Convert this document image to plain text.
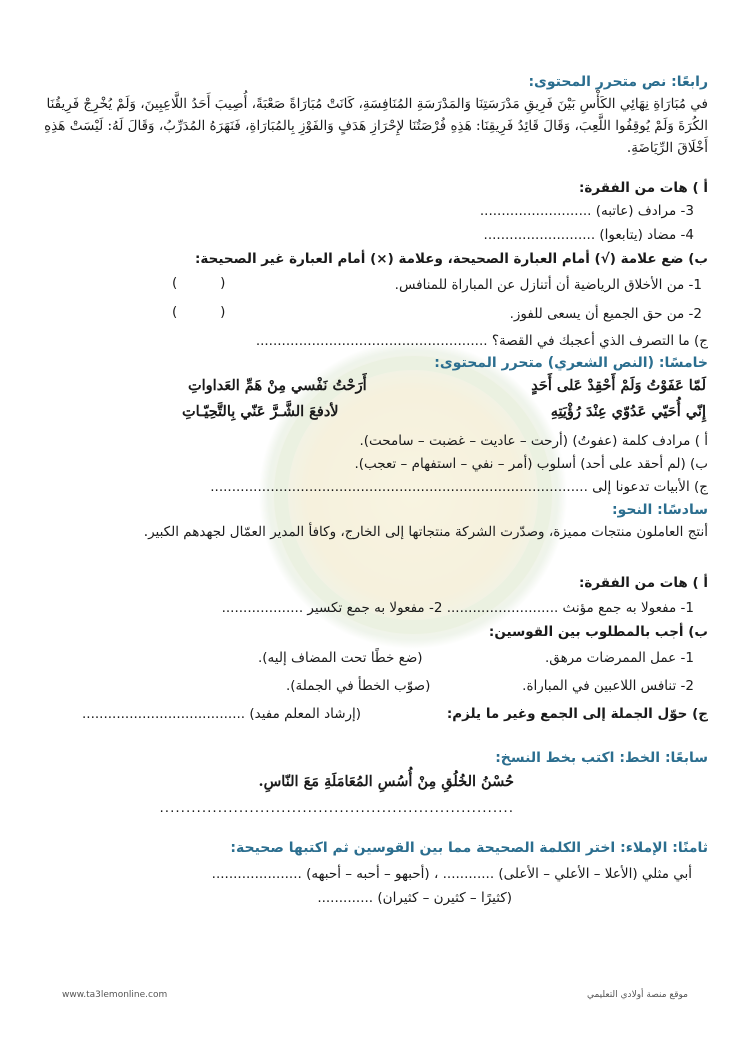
رابعًا: نص متحرر المحتوى:
في مُبَارَاةِ نِهَائِي الكَأْسِ بَيْنَ فَرِيقِ مَدْرَسَتِنَا وَالمَدْرَسَةِ المُنَافِسَةِ، كَانَتْ مُبَارَاةً صَعْبَةً، أُصِيبَ أَحَدُ اللَّاعِبِينَ، وَلَمْ يُخْرِجْ فَرِيقُنَا الكُرَةَ وَلَمْ يُوقِفُوا اللَّعِبَ، وَقَالَ قَائِدُ فَرِيقِنَا: هَذِهِ فُرْصَتُنَا لإِحْرَازِ هَدَفٍ وَالفَوْزِ بِالمُبَارَاةِ، فَنَهَرَهُ المُدَرِّبُ، وَقَالَ لَهُ: لَيْسَتْ هَذِهِ أَخْلَاقَ الرِّيَاضَةِ.
أ ) هات من الفقرة:
3- مرادف (عاتبه) ..........................
4- مضاد (يتابعوا) ..........................
ب) ضع علامة (√) أمام العبارة الصحيحة، وعلامة (×) أمام العبارة غير الصحيحة:
1- من الأخلاق الرياضية أن أتنازل عن المباراة للمنافس.
(          )
2- من حق الجميع أن يسعى للفوز.
(          )
ج) ما التصرف الذي أعجبك في القصة؟ ......................................................
خامسًا: (النص الشعري) متحرر المحتوى:
لَمّا عَفَوْتُ وَلَمْ أَحْقِدْ عَلى أَحَدٍ
أَرَحْتُ نَفْسي مِنْ هَمِّ العَداواتِ
إِنّي أُحَيّي عَدُوّي عِنْدَ رُؤْيَتِهِ
لأدفعَ الشَّـرَّ عَنّي بِالتَّحِيّـاتِ
أ ) مرادف كلمة (عفوتُ) (أرحت – عاديت – غضبت – سامحت).
ب) (لم أحقد على أحد) أسلوب (أمر – نفي – استفهام – تعجب).
ج) الأبيات تدعونا إلى ........................................................................................
سادسًا: النحو:
أنتج العاملون منتجات مميزة، وصدّرت الشركة منتجاتها إلى الخارج، وكافأ المدير العمّال لجهدهم الكبير.
أ ) هات من الفقرة:
1- مفعولا به جمع مؤنث .......................... 2- مفعولا به جمع تكسير ...................
ب) أجب بالمطلوب بين القوسين:
1- عمل الممرضات مرهق.
(ضع خطًا تحت المضاف إليه).
2- تنافس اللاعبين في المباراة.
(صوّب الخطأ في الجملة).
ج) حوّل الجملة إلى الجمع وغير ما يلزم:
(إرشاد المعلم مفيد) ......................................
سابعًا: الخط: اكتب بخط النسخ:
حُسْنُ الخُلُقِ مِنْ أُسُسِ المُعَامَلَةِ مَعَ النّاسِ.
...................................................................
ثامنًا: الإملاء: اختر الكلمة الصحيحة مما بين القوسين ثم اكتبها صحيحة:
أبي مثلي (الأعلا – الأعلي – الأعلى) ............ ، (أحبهو – أحبه – أحبهه) .....................
(كثيرًا – كثيرن – كثيران) .............
www.ta3lemonline.com	موقع منصة أولادي التعليمي
